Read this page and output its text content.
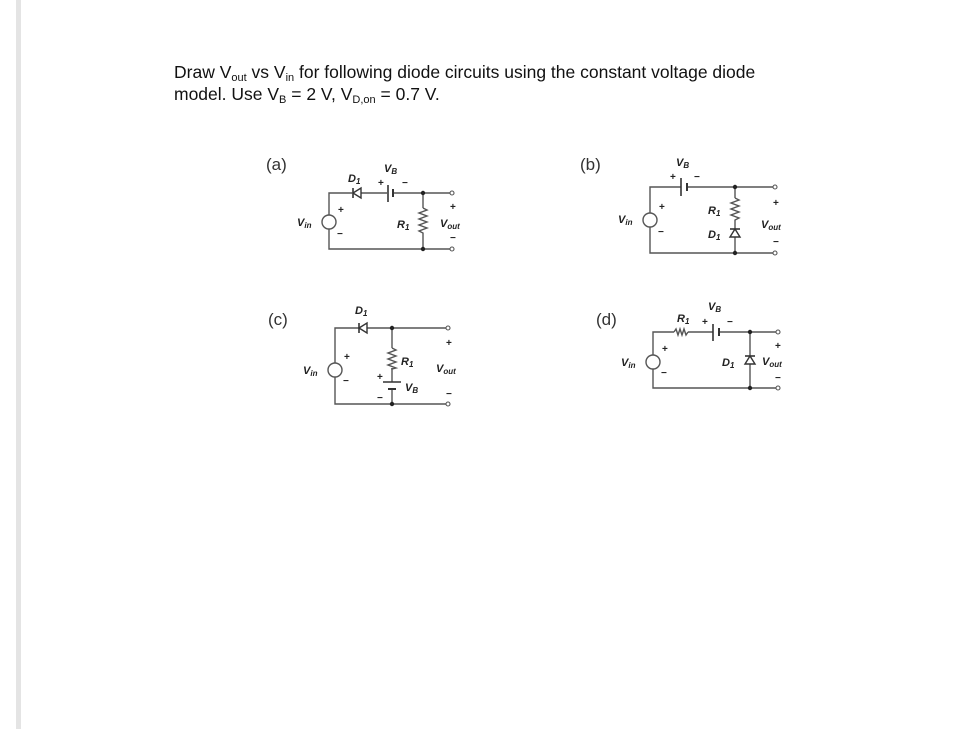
Draw $V_{out}$ vs $V_{in}$ for following diode circuits using the constant voltage diode
model. Use $V_B = 2$ V, $V_{D,on} = 0.7$ V.
(a)
Vin
+
−
D1
VB
+ −
R1	Vout
+
−
(b)
Vin
+
−
VB
+ −
R1
D1
Vout
+
−
(c)
Vin
+
−
D1
R1
VB
+
−
Vout
+
−
(d)
Vin
+
−
R1
VB
+ −
D1	Vout
+
−
